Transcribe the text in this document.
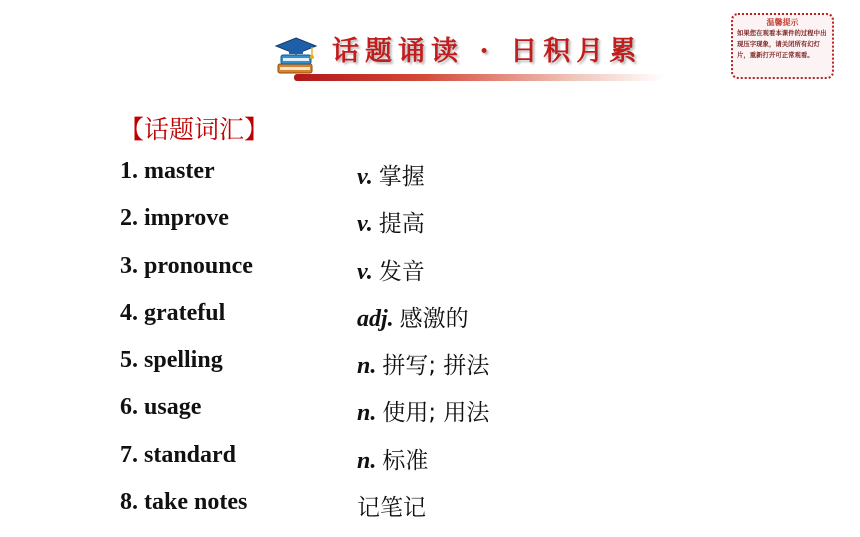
话题诵读 · 日积月累
温馨提示
如果您在观看本课件的过程中出现压字现象，请关闭所有幻灯片，重新打开可正常观看。
【话题词汇】
1. master	v. 掌握
2. improve	v. 提高
3. pronounce	v. 发音
4. grateful	adj. 感激的
5. spelling	n. 拼写; 拼法
6. usage	n. 使用; 用法
7. standard	n. 标准
8. take notes	记笔记
